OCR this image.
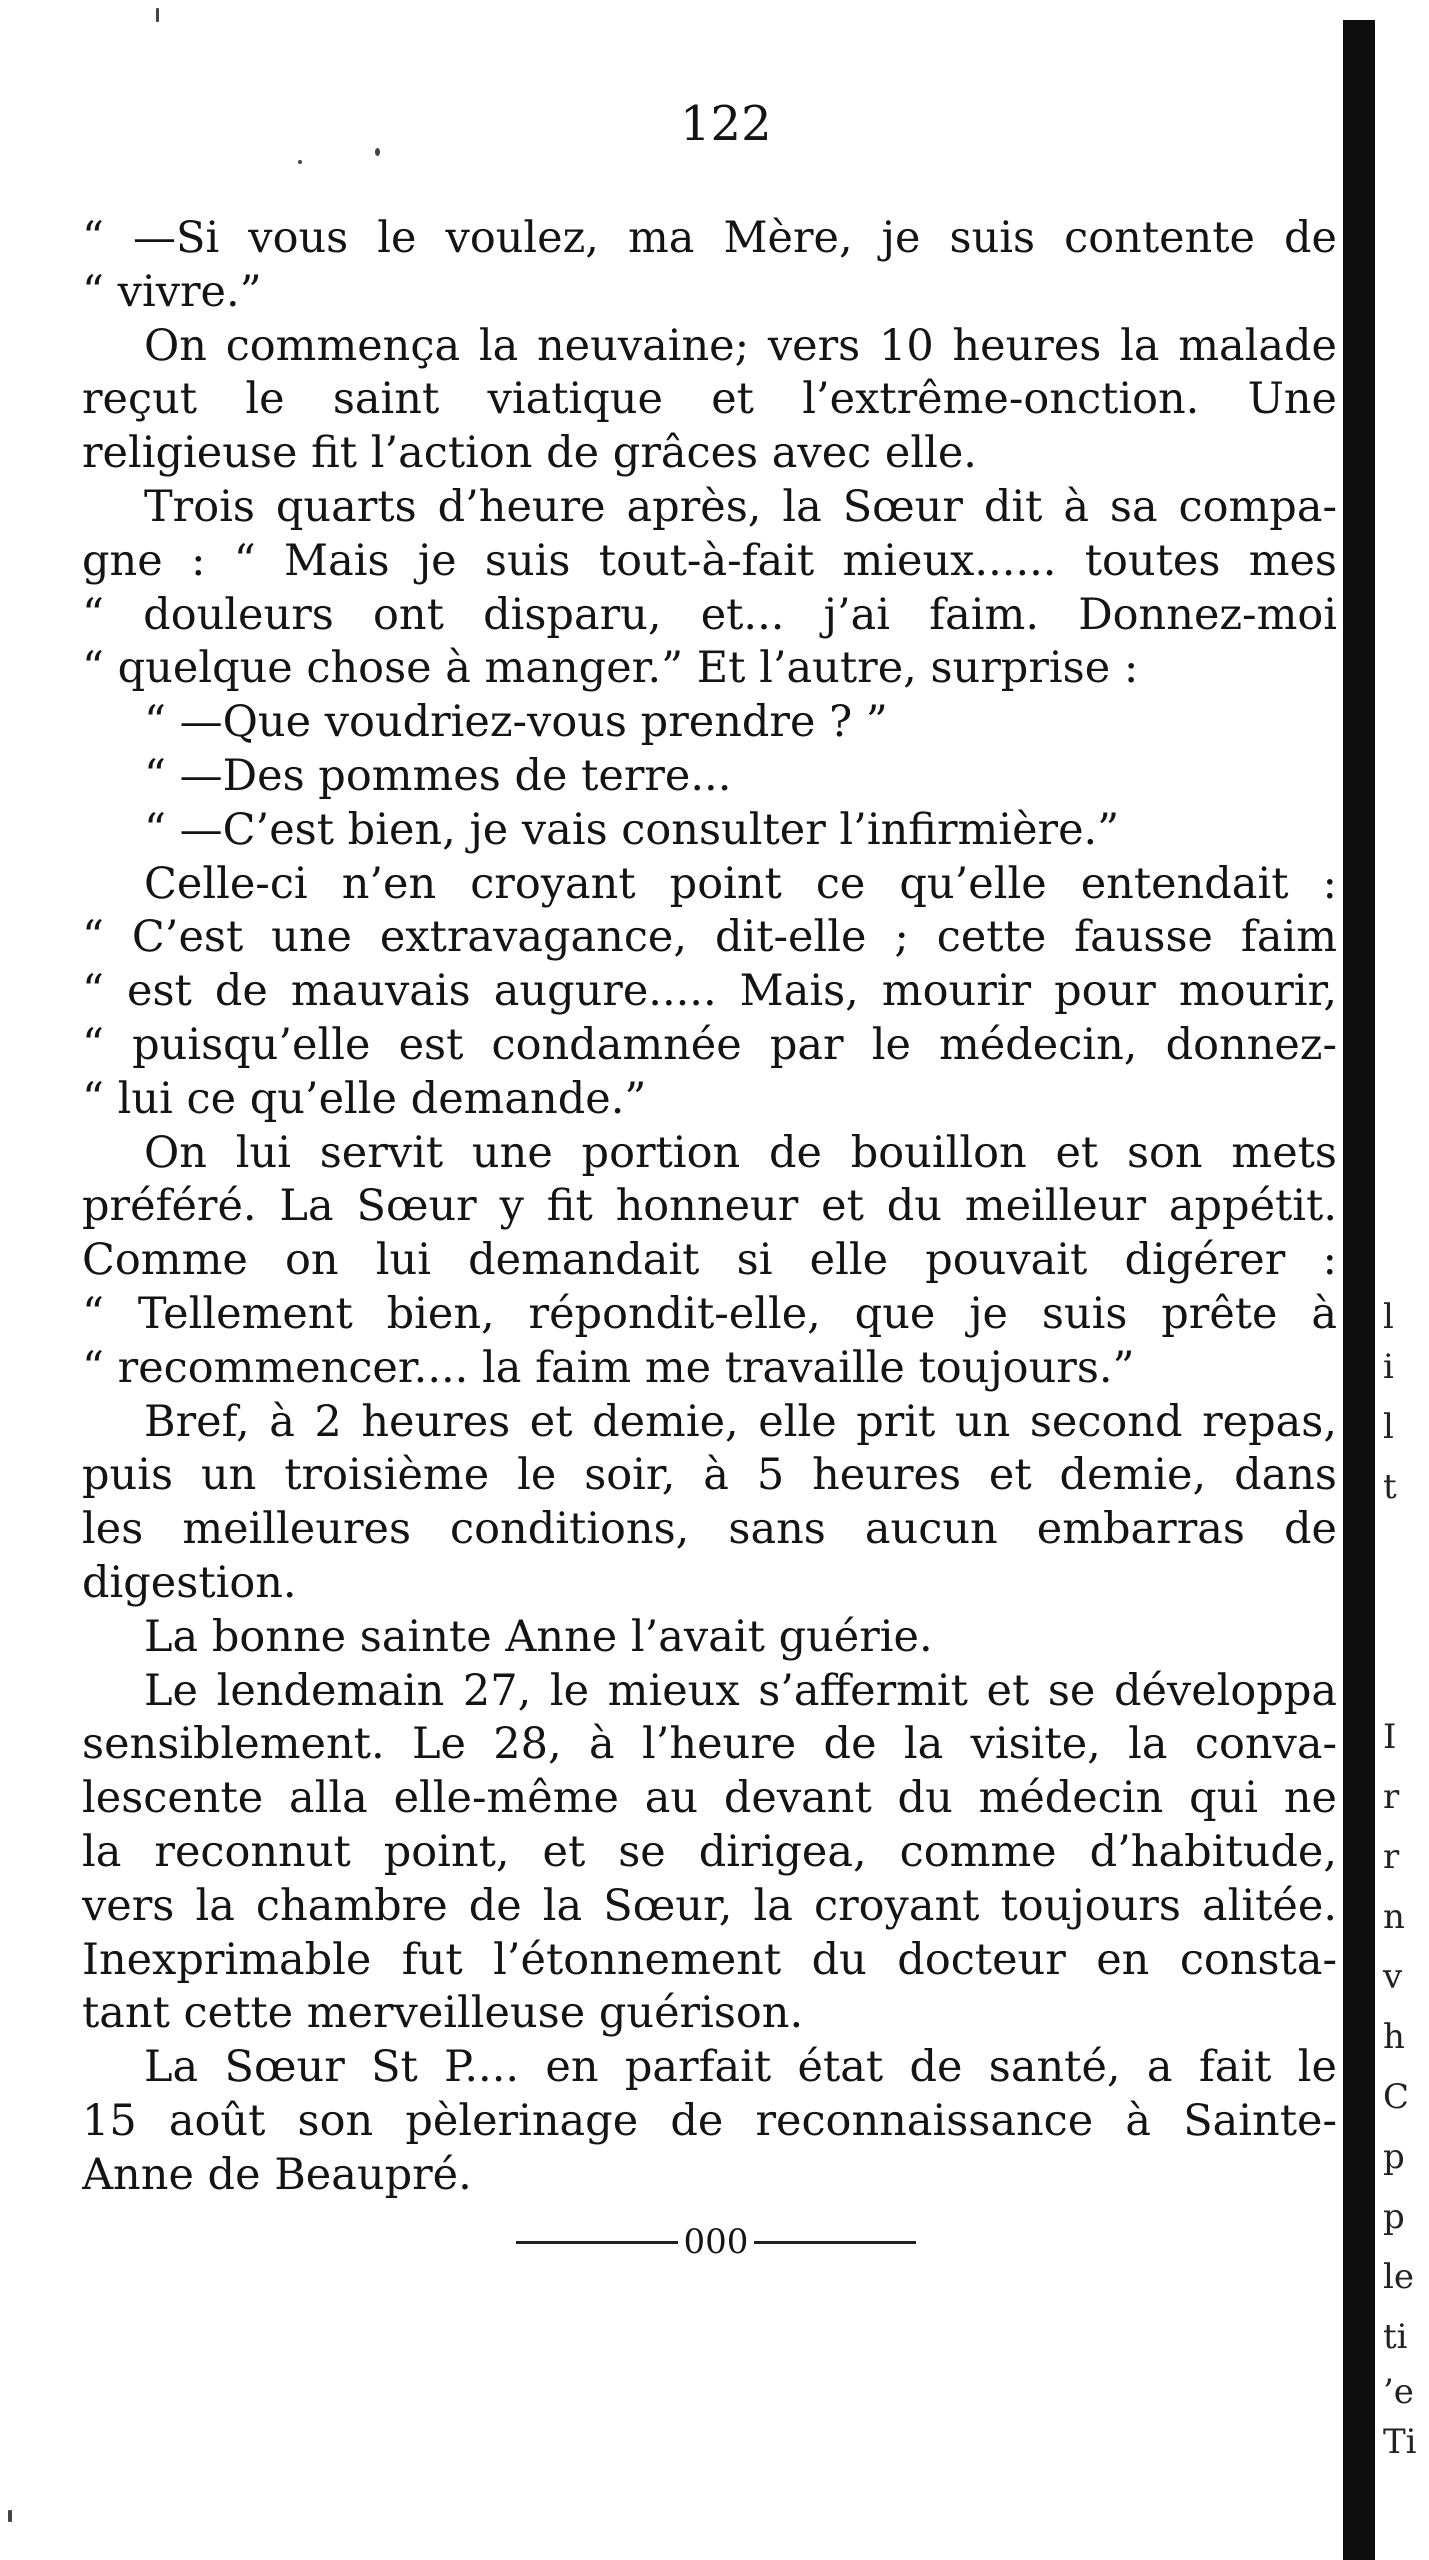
122
“ —Si vous le voulez, ma Mère, je suis contente de
“ vivre.”
On commença la neuvaine; vers 10 heures la malade
reçut le saint viatique et l’extrême-onction. Une
religieuse fit l’action de grâces avec elle.
Trois quarts d’heure après, la Sœur dit à sa compa-
gne : “ Mais je suis tout-à-fait mieux...... toutes mes
“ douleurs ont disparu, et... j’ai faim. Donnez-moi
“ quelque chose à manger.” Et l’autre, surprise :
“ —Que voudriez-vous prendre ? ”
“ —Des pommes de terre...
“ —C’est bien, je vais consulter l’infirmière.”
Celle-ci n’en croyant point ce qu’elle entendait :
“ C’est une extravagance, dit-elle ; cette fausse faim
“ est de mauvais augure..... Mais, mourir pour mourir,
“ puisqu’elle est condamnée par le médecin, donnez-
“ lui ce qu’elle demande.”
On lui servit une portion de bouillon et son mets
préféré. La Sœur y fit honneur et du meilleur appétit.
Comme on lui demandait si elle pouvait digérer :
“ Tellement bien, répondit-elle, que je suis prête à
“ recommencer.... la faim me travaille toujours.”
Bref, à 2 heures et demie, elle prit un second repas,
puis un troisième le soir, à 5 heures et demie, dans
les meilleures conditions, sans aucun embarras de
digestion.
La bonne sainte Anne l’avait guérie.
Le lendemain 27, le mieux s’affermit et se développa
sensiblement. Le 28, à l’heure de la visite, la conva-
lescente alla elle-même au devant du médecin qui ne
la reconnut point, et se dirigea, comme d’habitude,
vers la chambre de la Sœur, la croyant toujours alitée.
Inexprimable fut l’étonnement du docteur en consta-
tant cette merveilleuse guérison.
La Sœur St P.... en parfait état de santé, a fait le
15 août son pèlerinage de reconnaissance à Sainte-
Anne de Beaupré.
000
l
i
l
t
I
r
r
n
v
h
C
p
p
le
ti
’e
Ti
